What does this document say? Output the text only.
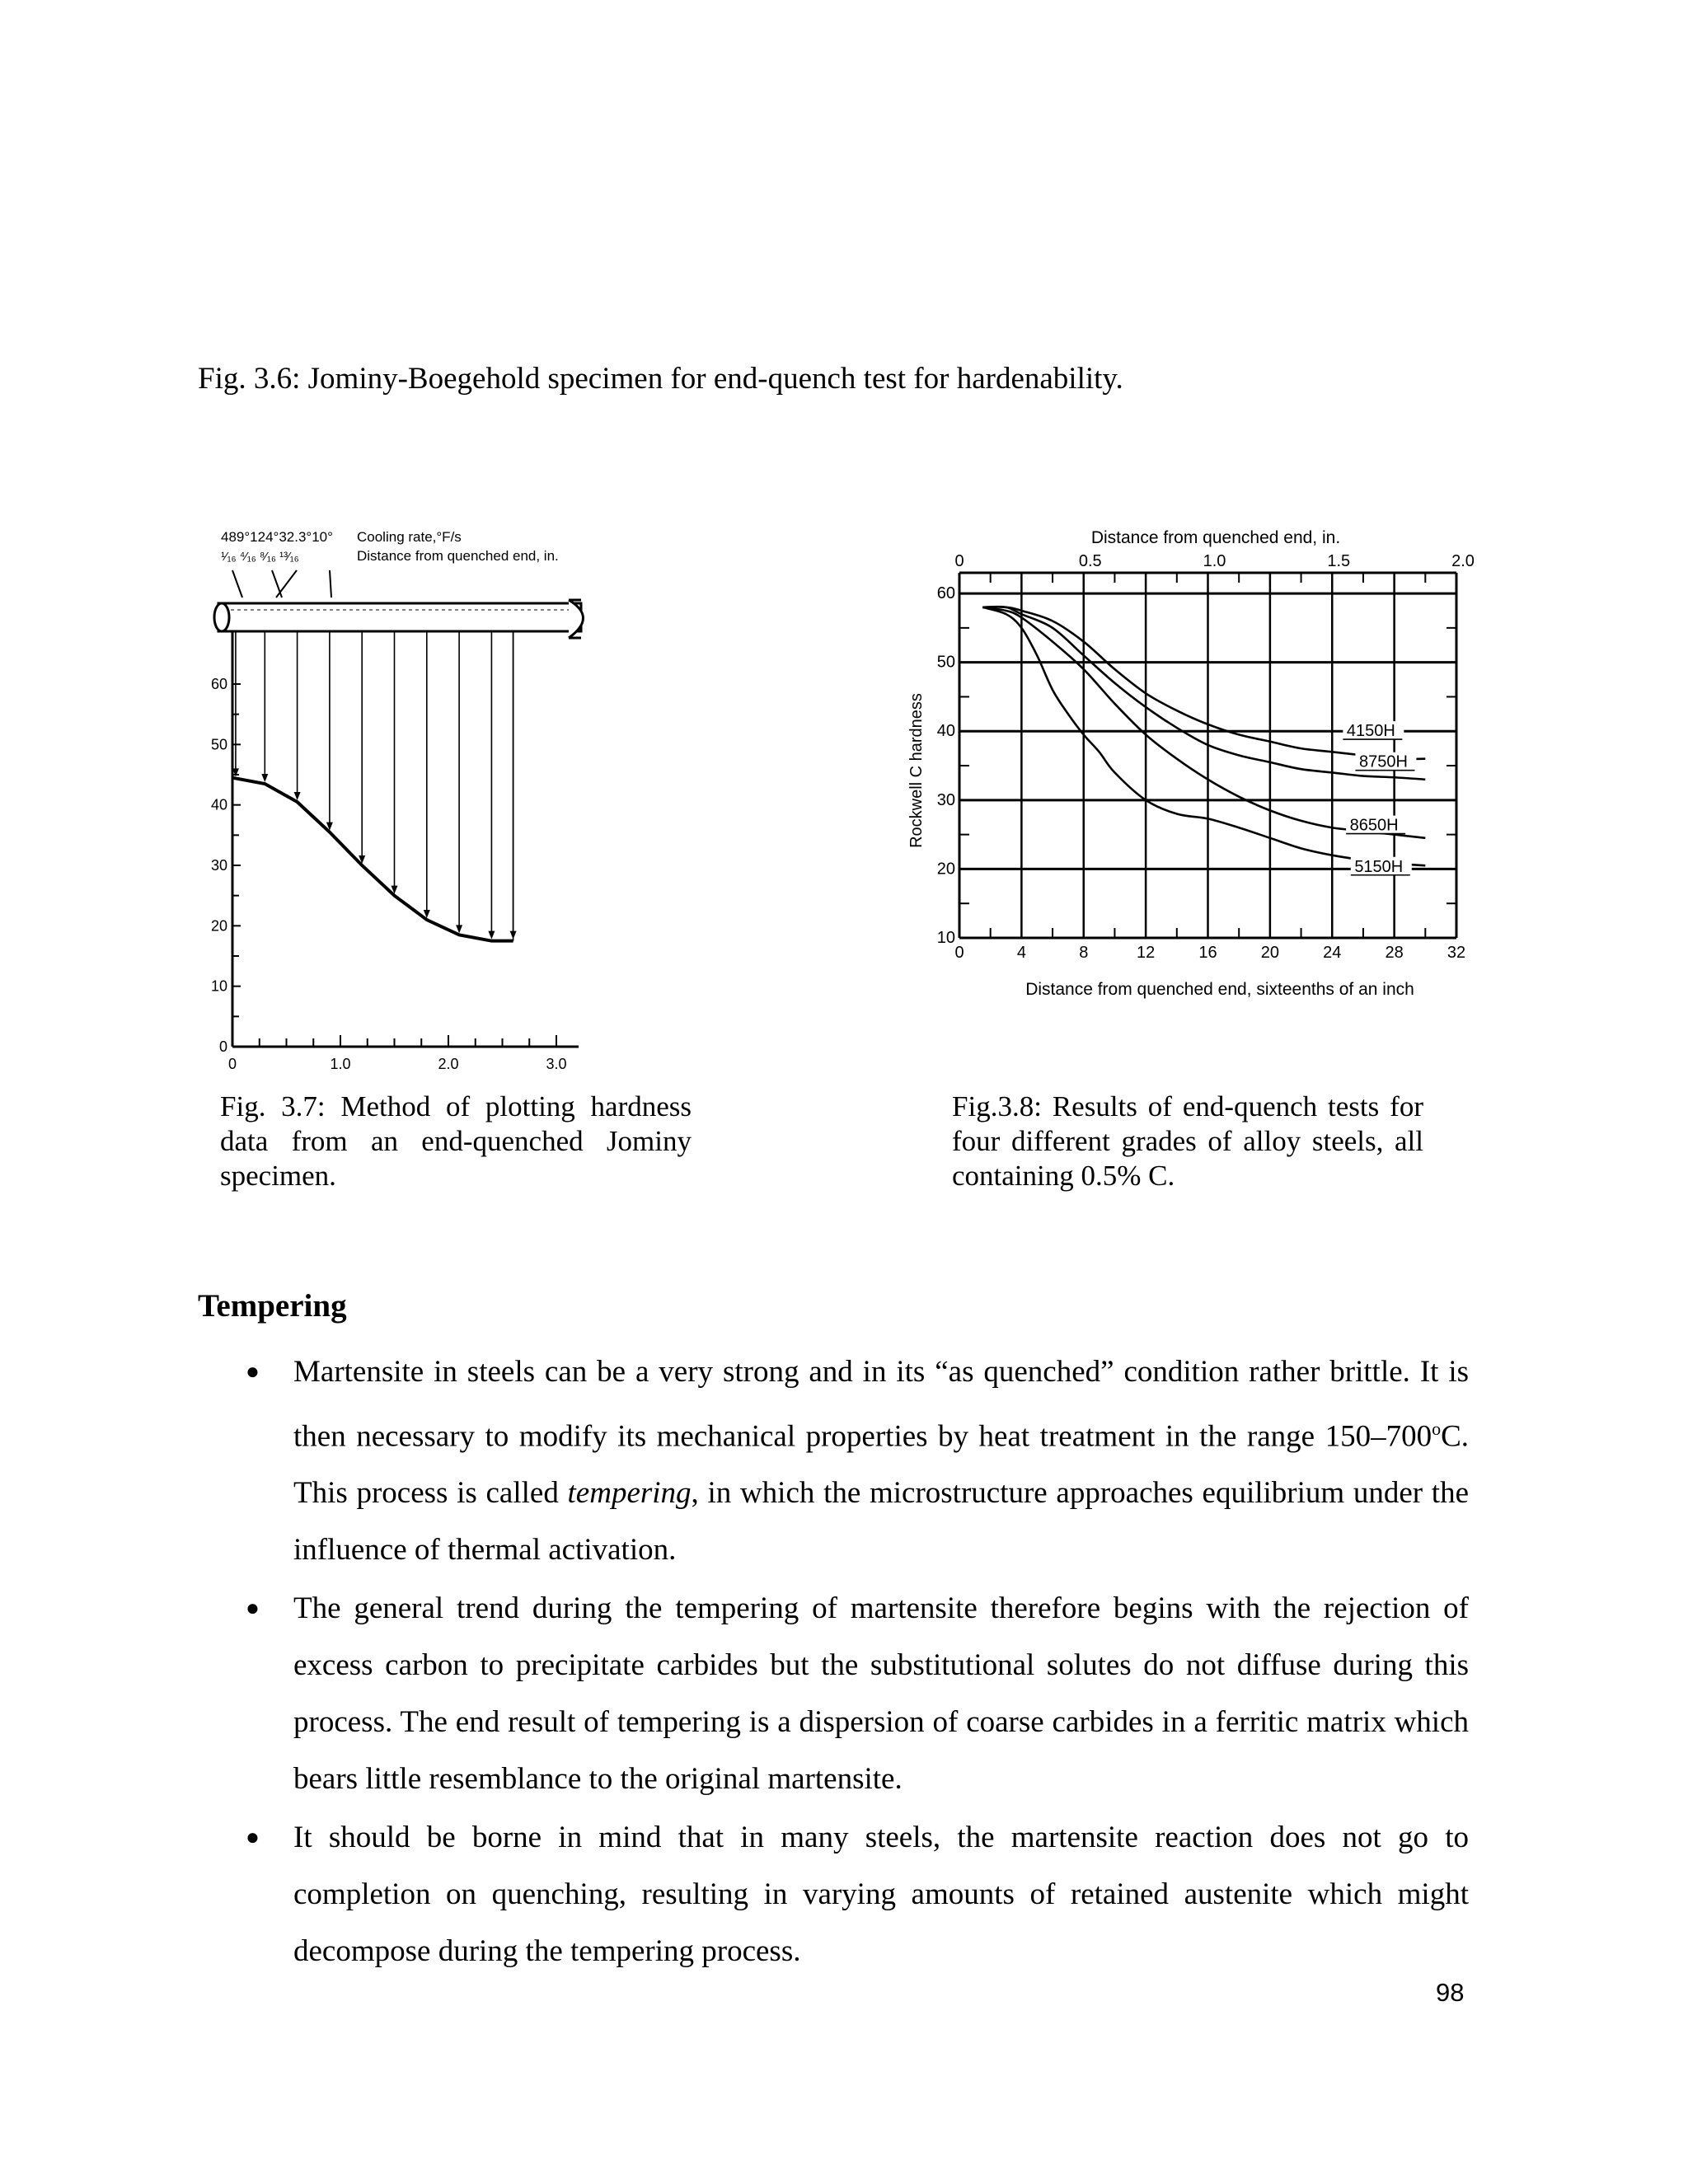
Fig. 3.6: Jominy-Boegehold specimen for end-quench test for hardenability.
489°124°32.3°10° Cooling rate,°F/s
¹⁄₁₆ ⁴⁄₁₆ ⁸⁄₁₆ ¹³⁄₁₆	Distance from quenched end, in.
0	1.0	2.0	3.0
0
10
20
30
40
50
60
Fig. 3.7: Method of plotting hardness data from an end-quenched Jominy specimen.
Distance from quenched end, in.
Distance from quenched end, sixteenths of an inch
Rockwell C hardness
0	4	8	12	16	20	24	28	32
0	0.5	1.0	1.5	2.0
10
20
30
40
50
60
4150H
8750H
8650H
5150H
Fig.3.8: Results of end-quench tests for four different grades of alloy steels, all containing 0.5% C.
Tempering
● Martensite in steels can be a very strong and in its “as quenched” condition rather brittle. It is then necessary to modify its mechanical properties by heat treatment in the range 150–700$^o$C. This process is called tempering, in which the microstructure approaches equilibrium under the influence of thermal activation.

● The general trend during the tempering of martensite therefore begins with the rejection of excess carbon to precipitate carbides but the substitutional solutes do not diffuse during this process. The end result of tempering is a dispersion of coarse carbides in a ferritic matrix which bears little resemblance to the original martensite.

● It should be borne in mind that in many steels, the martensite reaction does not go to completion on quenching, resulting in varying amounts of retained austenite which might decompose during the tempering process.

98
